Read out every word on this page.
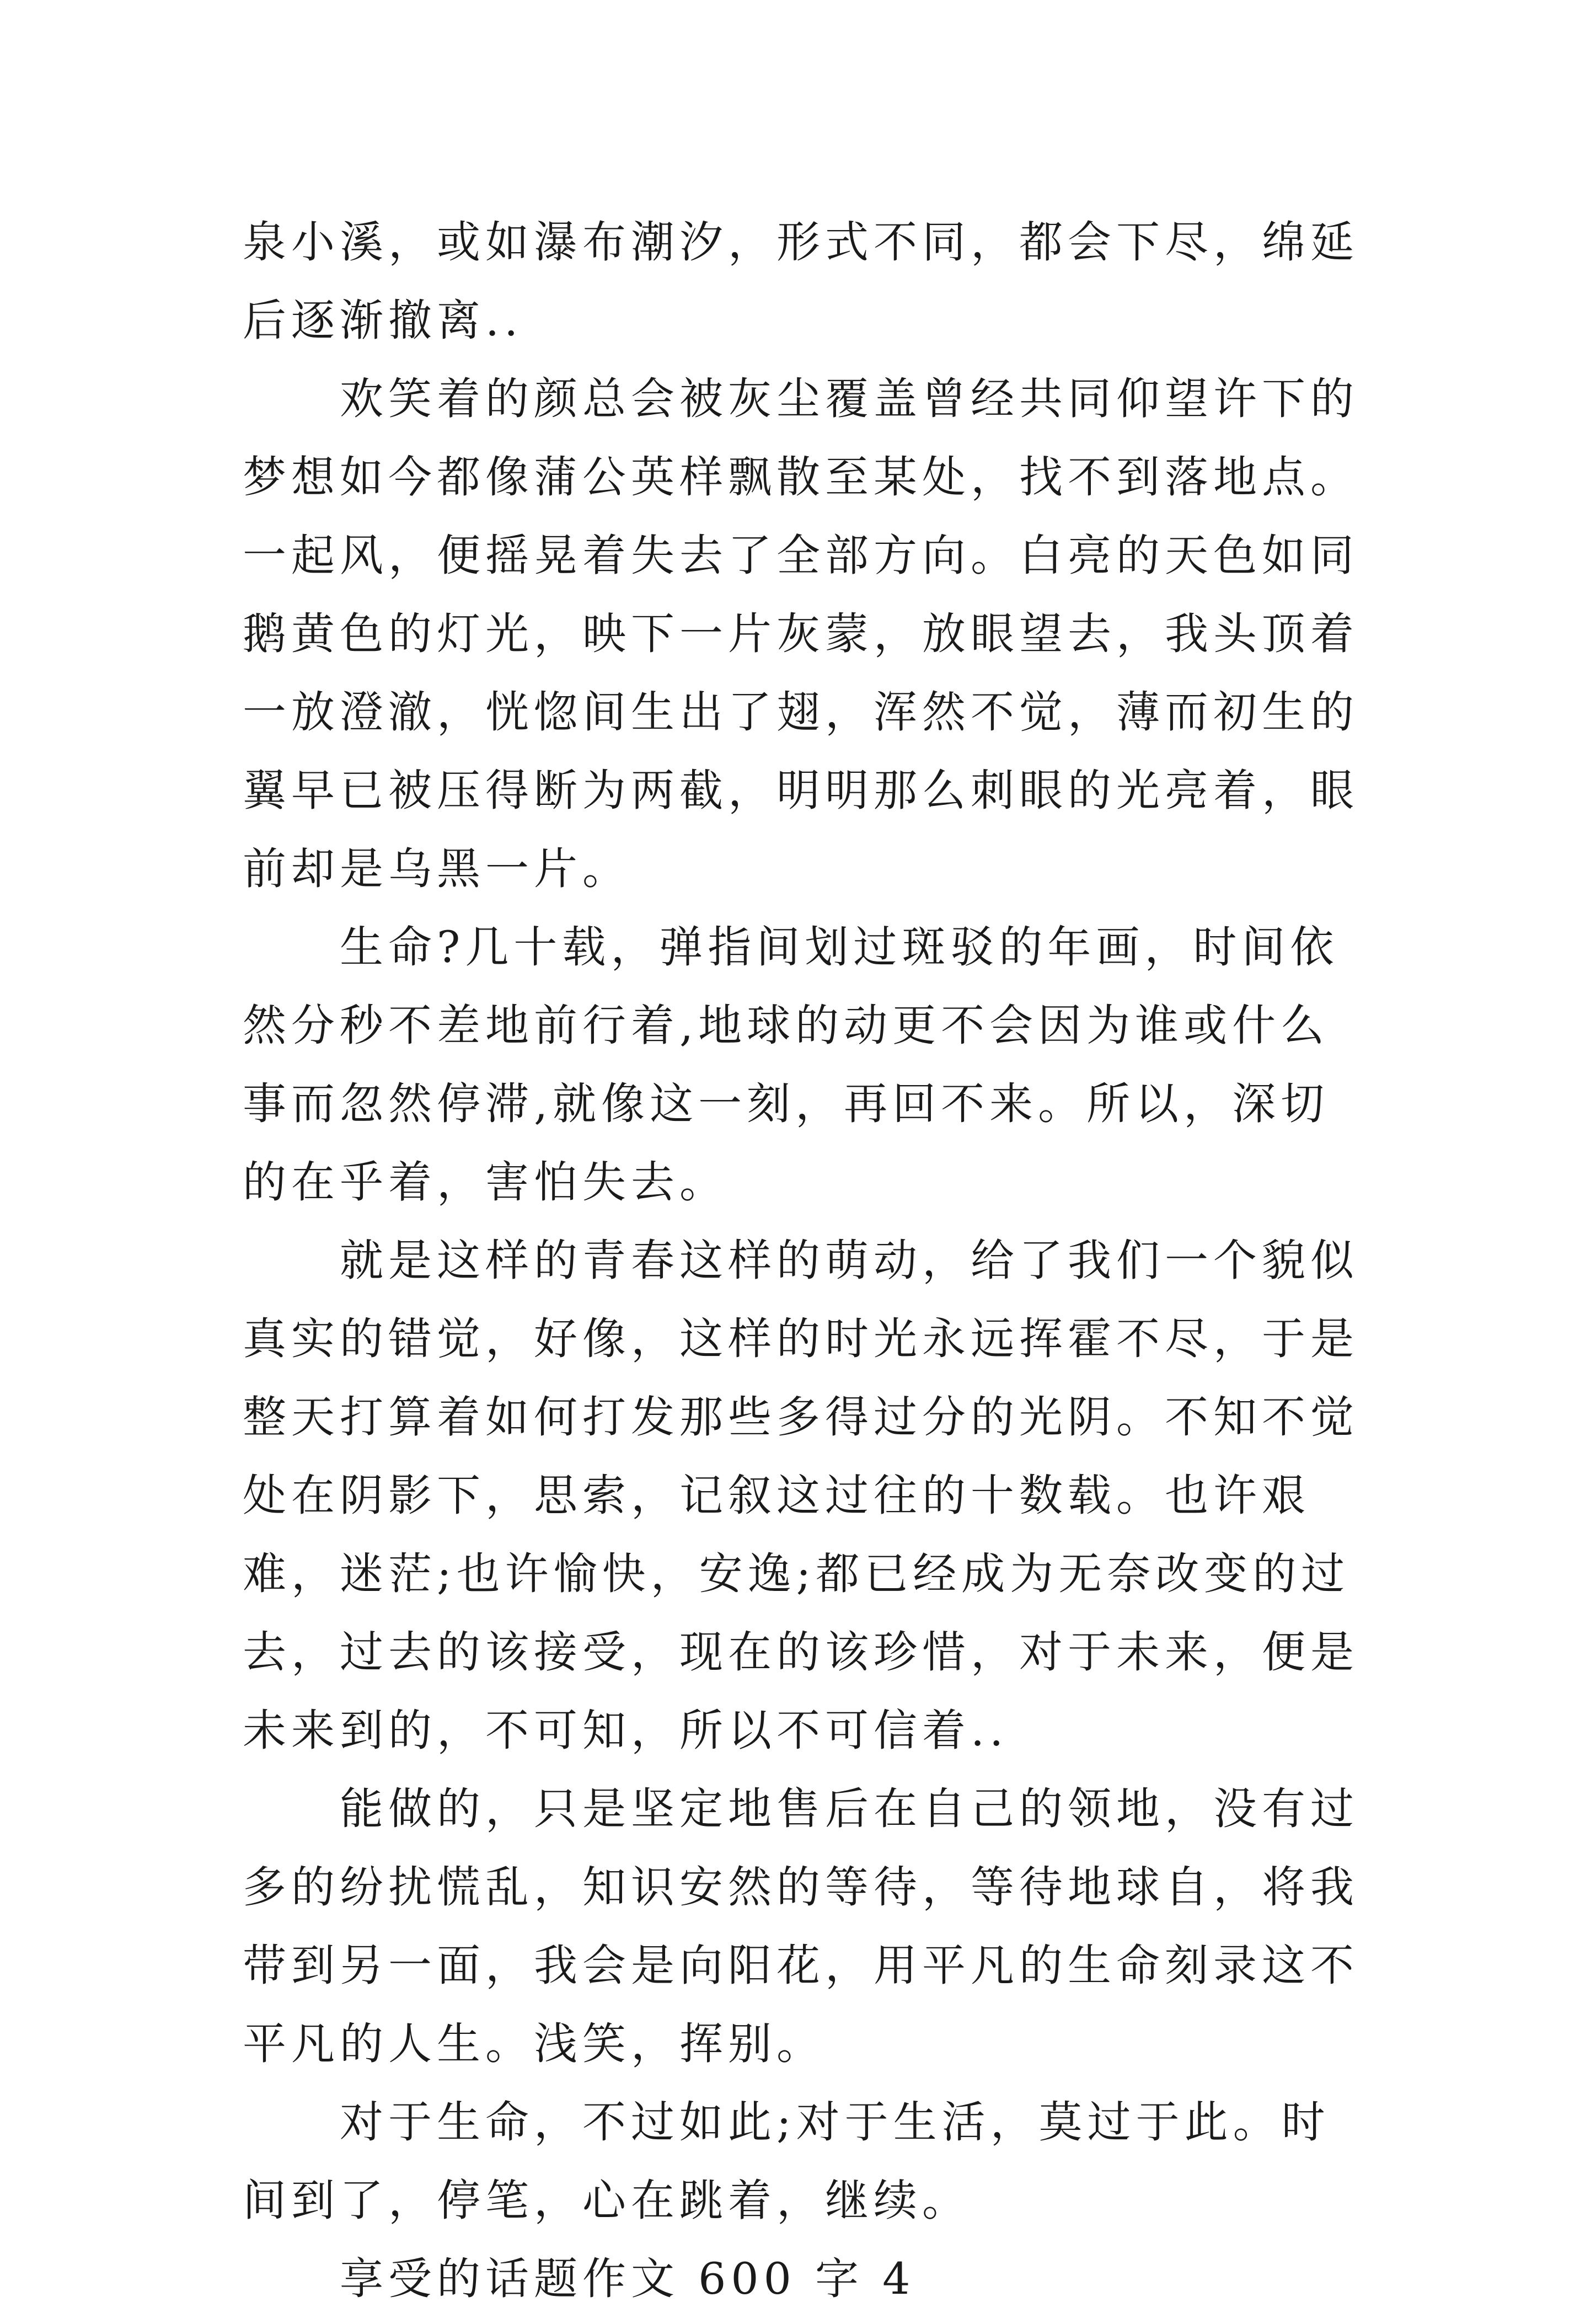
泉小溪，或如瀑布潮汐，形式不同，都会下尽，绵延后逐渐撤离..

欢笑着的颜总会被灰尘覆盖曾经共同仰望许下的梦想如今都像蒲公英样飘散至某处，找不到落地点。一起风，便摇晃着失去了全部方向。白亮的天色如同鹅黄色的灯光，映下一片灰蒙，放眼望去，我头顶着一放澄澈，恍惚间生出了翅，浑然不觉，薄而初生的翼早已被压得断为两截，明明那么刺眼的光亮着，眼前却是乌黑一片。

生命?几十载，弹指间划过斑驳的年画，时间依然分秒不差地前行着,地球的动更不会因为谁或什么事而忽然停滞,就像这一刻，再回不来。所以，深切的在乎着，害怕失去。

就是这样的青春这样的萌动，给了我们一个貌似真实的错觉，好像，这样的时光永远挥霍不尽，于是整天打算着如何打发那些多得过分的光阴。不知不觉处在阴影下，思索，记叙这过往的十数载。也许艰难，迷茫;也许愉快，安逸;都已经成为无奈改变的过去，过去的该接受，现在的该珍惜，对于未来，便是未来到的，不可知，所以不可信着..

能做的，只是坚定地售后在自己的领地，没有过多的纷扰慌乱，知识安然的等待，等待地球自，将我带到另一面，我会是向阳花，用平凡的生命刻录这不平凡的人生。浅笑，挥别。

对于生命，不过如此;对于生活，莫过于此。时间到了，停笔，心在跳着，继续。

享受的话题作文 600 字 4
